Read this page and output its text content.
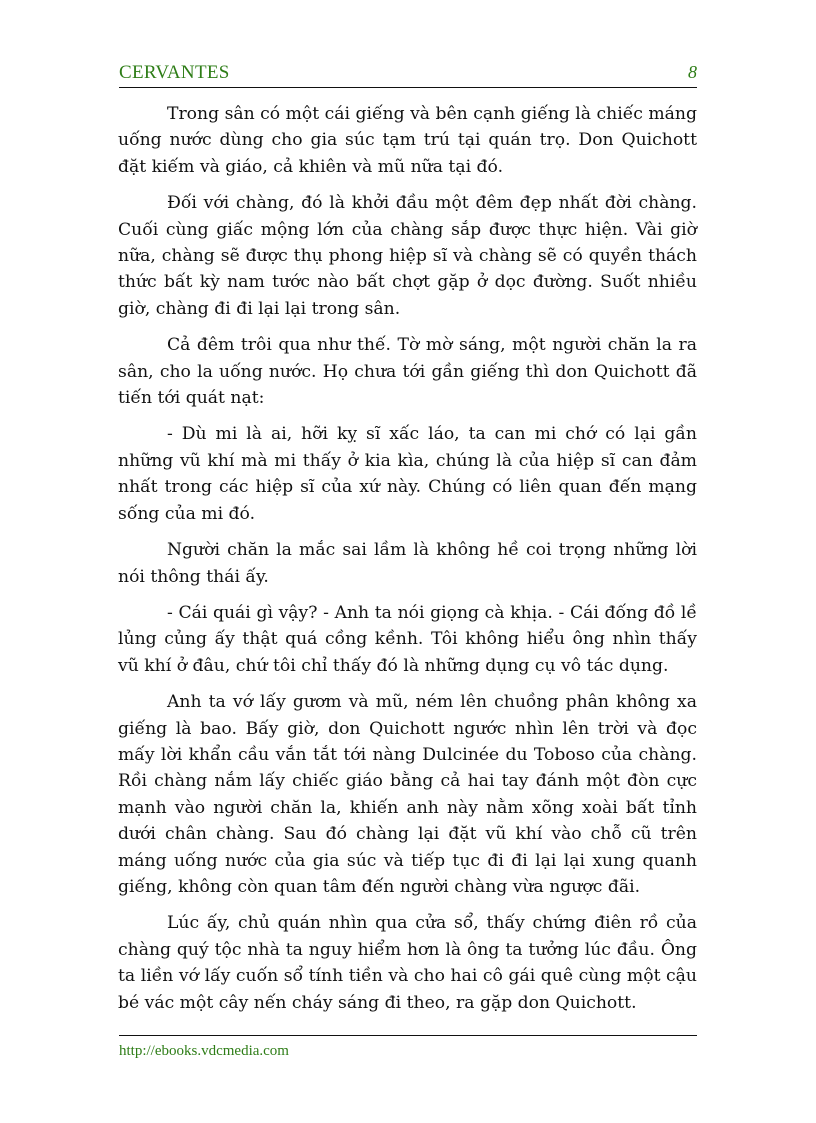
CERVANTES	8

Trong sân có một cái giếng và bên cạnh giếng là chiếc máng uống nước dùng cho gia súc tạm trú tại quán trọ. Don Quichott đặt kiếm và giáo, cả khiên và mũ nữa tại đó.

Đối với chàng, đó là khởi đầu một đêm đẹp nhất đời chàng. Cuối cùng giấc mộng lớn của chàng sắp được thực hiện. Vài giờ nữa, chàng sẽ được thụ phong hiệp sĩ và chàng sẽ có quyền thách thức bất kỳ nam tước nào bất chợt gặp ở dọc đường. Suốt nhiều giờ, chàng đi đi lại lại trong sân.

Cả đêm trôi qua như thế. Tờ mờ sáng, một người chăn la ra sân, cho la uống nước. Họ chưa tới gần giếng thì don Quichott đã tiến tới quát nạt:

- Dù mi là ai, hỡi kỵ sĩ xấc láo, ta can mi chớ có lại gần những vũ khí mà mi thấy ở kia kìa, chúng là của hiệp sĩ can đảm nhất trong các hiệp sĩ của xứ này. Chúng có liên quan đến mạng sống của mi đó.

Người chăn la mắc sai lầm là không hề coi trọng những lời nói thông thái ấy.

- Cái quái gì vậy? - Anh ta nói giọng cà khịa. - Cái đống đồ lề lủng củng ấy thật quá cồng kềnh. Tôi không hiểu ông nhìn thấy vũ khí ở đâu, chứ tôi chỉ thấy đó là những dụng cụ vô tác dụng.

Anh ta vớ lấy gươm và mũ, ném lên chuồng phân không xa giếng là bao. Bấy giờ, don Quichott ngước nhìn lên trời và đọc mấy lời khẩn cầu vắn tắt tới nàng Dulcinée du Toboso của chàng. Rồi chàng nắm lấy chiếc giáo bằng cả hai tay đánh một đòn cực mạnh vào người chăn la, khiến anh này nằm xõng xoài bất tỉnh dưới chân chàng. Sau đó chàng lại đặt vũ khí vào chỗ cũ trên máng uống nước của gia súc và tiếp tục đi đi lại lại xung quanh giếng, không còn quan tâm đến người chàng vừa ngược đãi.

Lúc ấy, chủ quán nhìn qua cửa sổ, thấy chứng điên rồ của chàng quý tộc nhà ta nguy hiểm hơn là ông ta tưởng lúc đầu. Ông ta liền vớ lấy cuốn sổ tính tiền và cho hai cô gái quê cùng một cậu bé vác một cây nến cháy sáng đi theo, ra gặp don Quichott.

http://ebooks.vdcmedia.com
